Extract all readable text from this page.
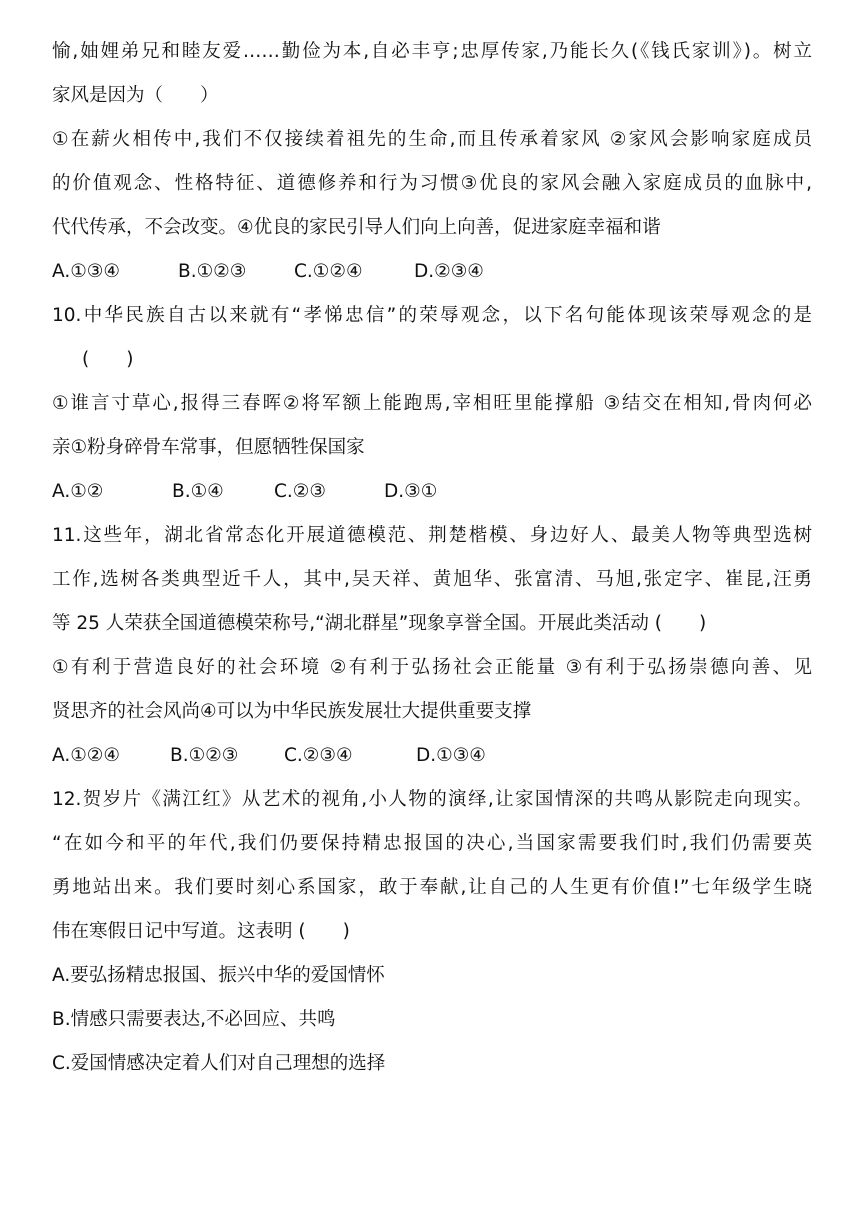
愉,妯娌弟兄和睦友爱……勤俭为本,自必丰亨;忠厚传家,乃能长久(《钱氏家训》)。树立
家风是因为（　　）
①在薪火相传中,我们不仅接续着祖先的生命,而且传承着家风 ②家风会影响家庭成员
的价值观念、性格特征、道德修养和行为习惯③优良的家风会融入家庭成员的血脉中,
代代传承，不会改变。④优良的家民引导人们向上向善，促进家庭幸福和谐
A.①③④	B.①②③	C.①②④	D.②③④
10.中华民族自古以来就有“孝悌忠信”的荣辱观念，以下名句能体现该荣辱观念的是
(　　)
①谁言寸草心,报得三春晖②将军额上能跑馬,宰相旺里能撑船 ③结交在相知,骨肉何必
亲①粉身碎骨车常事，但愿牺牲保国家
A.①②	B.①④	C.②③	D.③①
11.这些年，湖北省常态化开展道德模范、荆楚楷模、身边好人、最美人物等典型选树
工作,选树各类典型近千人，其中,吴天祥、黄旭华、张富清、马旭,张定字、崔昆,汪勇
等 25 人荣获全国道德模荣称号,“湖北群星”现象享誉全国。开展此类活动 (　　)
①有利于营造良好的社会环境 ②有利于弘扬社会正能量 ③有利于弘扬崇德向善、见
贤思齐的社会风尚④可以为中华民族发展壮大提供重要支撑
A.①②④	B.①②③	C.②③④	D.①③④
12.贺岁片《满江红》从艺术的视角,小人物的演绎,让家国情深的共鸣从影院走向现实。
“在如今和平的年代,我们仍要保持精忠报国的决心,当国家需要我们时,我们仍需要英
勇地站出来。我们要时刻心系国家，敢于奉献,让自己的人生更有价值!”七年级学生晓
伟在寒假日记中写道。这表明 (　　)
A.要弘扬精忠报国、振兴中华的爱国情怀
B.情感只需要表达,不必回应、共鸣
C.爱国情感决定着人们对自己理想的选择
